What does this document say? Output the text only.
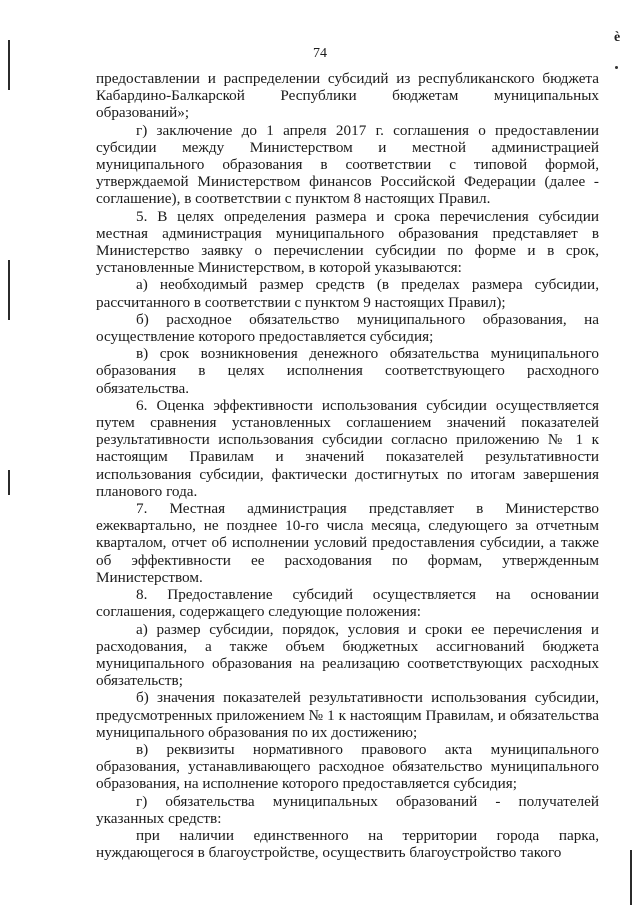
ѐ
74

предоставлении и распределении субсидий из республиканского бюджета Кабардино-Балкарской Республики бюджетам муниципальных образований»;

г) заключение до 1 апреля 2017 г. соглашения о предоставлении субсидии между Министерством и местной администрацией муниципального образования в соответствии с типовой формой, утверждаемой Министерством финансов Российской Федерации (далее - соглашение), в соответствии с пунктом 8 настоящих Правил.

5. В целях определения размера и срока перечисления субсидии местная администрация муниципального образования представляет в Министерство заявку о перечислении субсидии по форме и в срок, установленные Министерством, в которой указываются:

а) необходимый размер средств (в пределах размера субсидии, рассчитанного в соответствии с пунктом 9 настоящих Правил);

б) расходное обязательство муниципального образования, на осуществление которого предоставляется субсидия;

в) срок возникновения денежного обязательства муниципального образования в целях исполнения соответствующего расходного обязательства.

6. Оценка эффективности использования субсидии осуществляется путем сравнения установленных соглашением значений показателей результативности использования субсидии согласно приложению № 1 к настоящим Правилам и значений показателей результативности использования субсидии, фактически достигнутых по итогам завершения планового года.

7. Местная администрация представляет в Министерство ежеквартально, не позднее 10-го числа месяца, следующего за отчетным кварталом, отчет об исполнении условий предоставления субсидии, а также об эффективности ее расходования по формам, утвержденным Министерством.

8. Предоставление субсидий осуществляется на основании соглашения, содержащего следующие положения:

а) размер субсидии, порядок, условия и сроки ее перечисления и расходования, а также объем бюджетных ассигнований бюджета муниципального образования на реализацию соответствующих расходных обязательств;

б) значения показателей результативности использования субсидии, предусмотренных приложением № 1 к настоящим Правилам, и обязательства муниципального образования по их достижению;

в) реквизиты нормативного правового акта муниципального образования, устанавливающего расходное обязательство муниципального образования, на исполнение которого предоставляется субсидия;

г) обязательства муниципальных образований - получателей указанных средств:

при наличии единственного на территории города парка, нуждающегося в благоустройстве, осуществить благоустройство такого
